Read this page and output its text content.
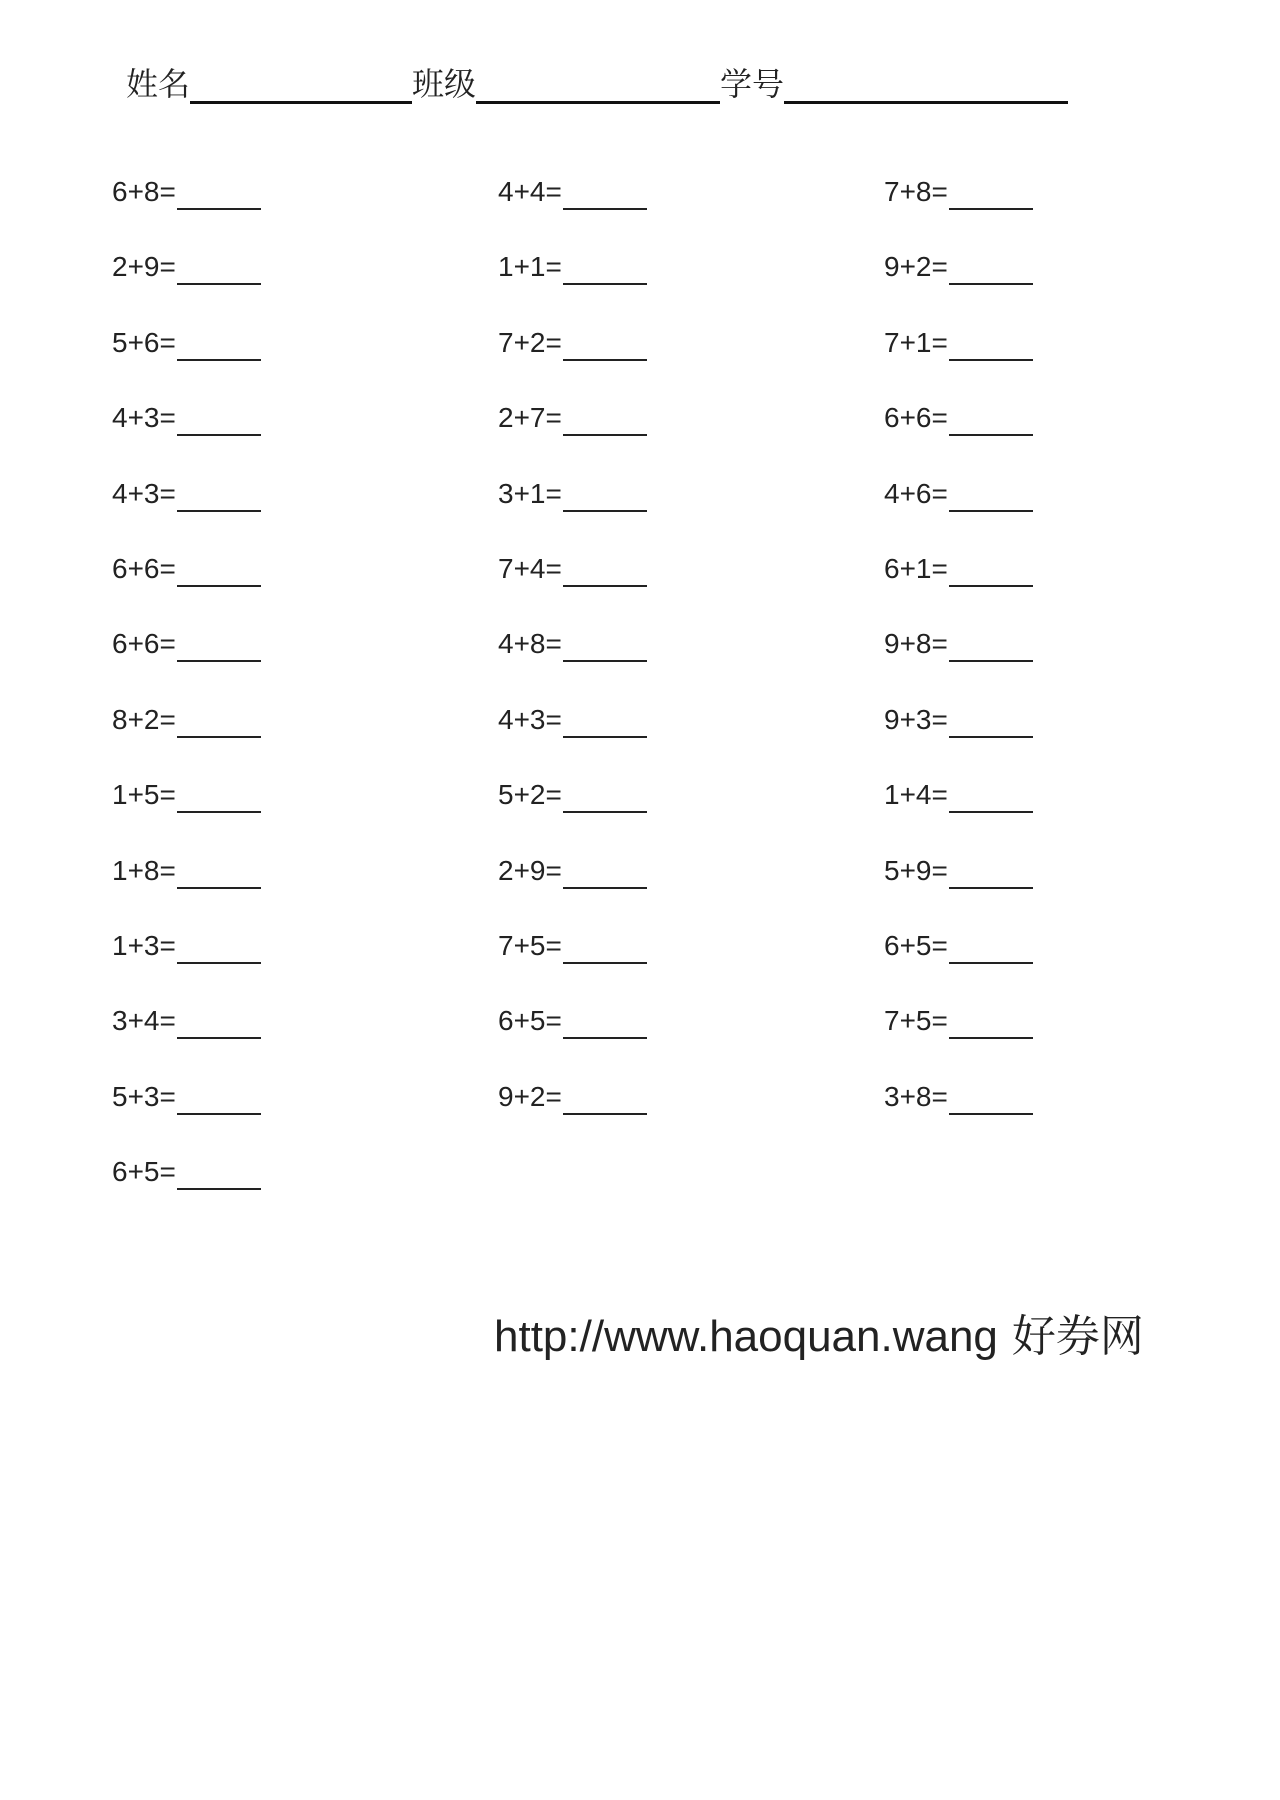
姓名	班级	学号
6+8=	4+4=	7+8=
2+9=	1+1=	9+2=
5+6=	7+2=	7+1=
4+3=	2+7=	6+6=
4+3=	3+1=	4+6=
6+6=	7+4=	6+1=
6+6=	4+8=	9+8=
8+2=	4+3=	9+3=
1+5=	5+2=	1+4=
1+8=	2+9=	5+9=
1+3=	7+5=	6+5=
3+4=	6+5=	7+5=
5+3=	9+2=	3+8=
6+5=
http://www.haoquan.wang 好券网
